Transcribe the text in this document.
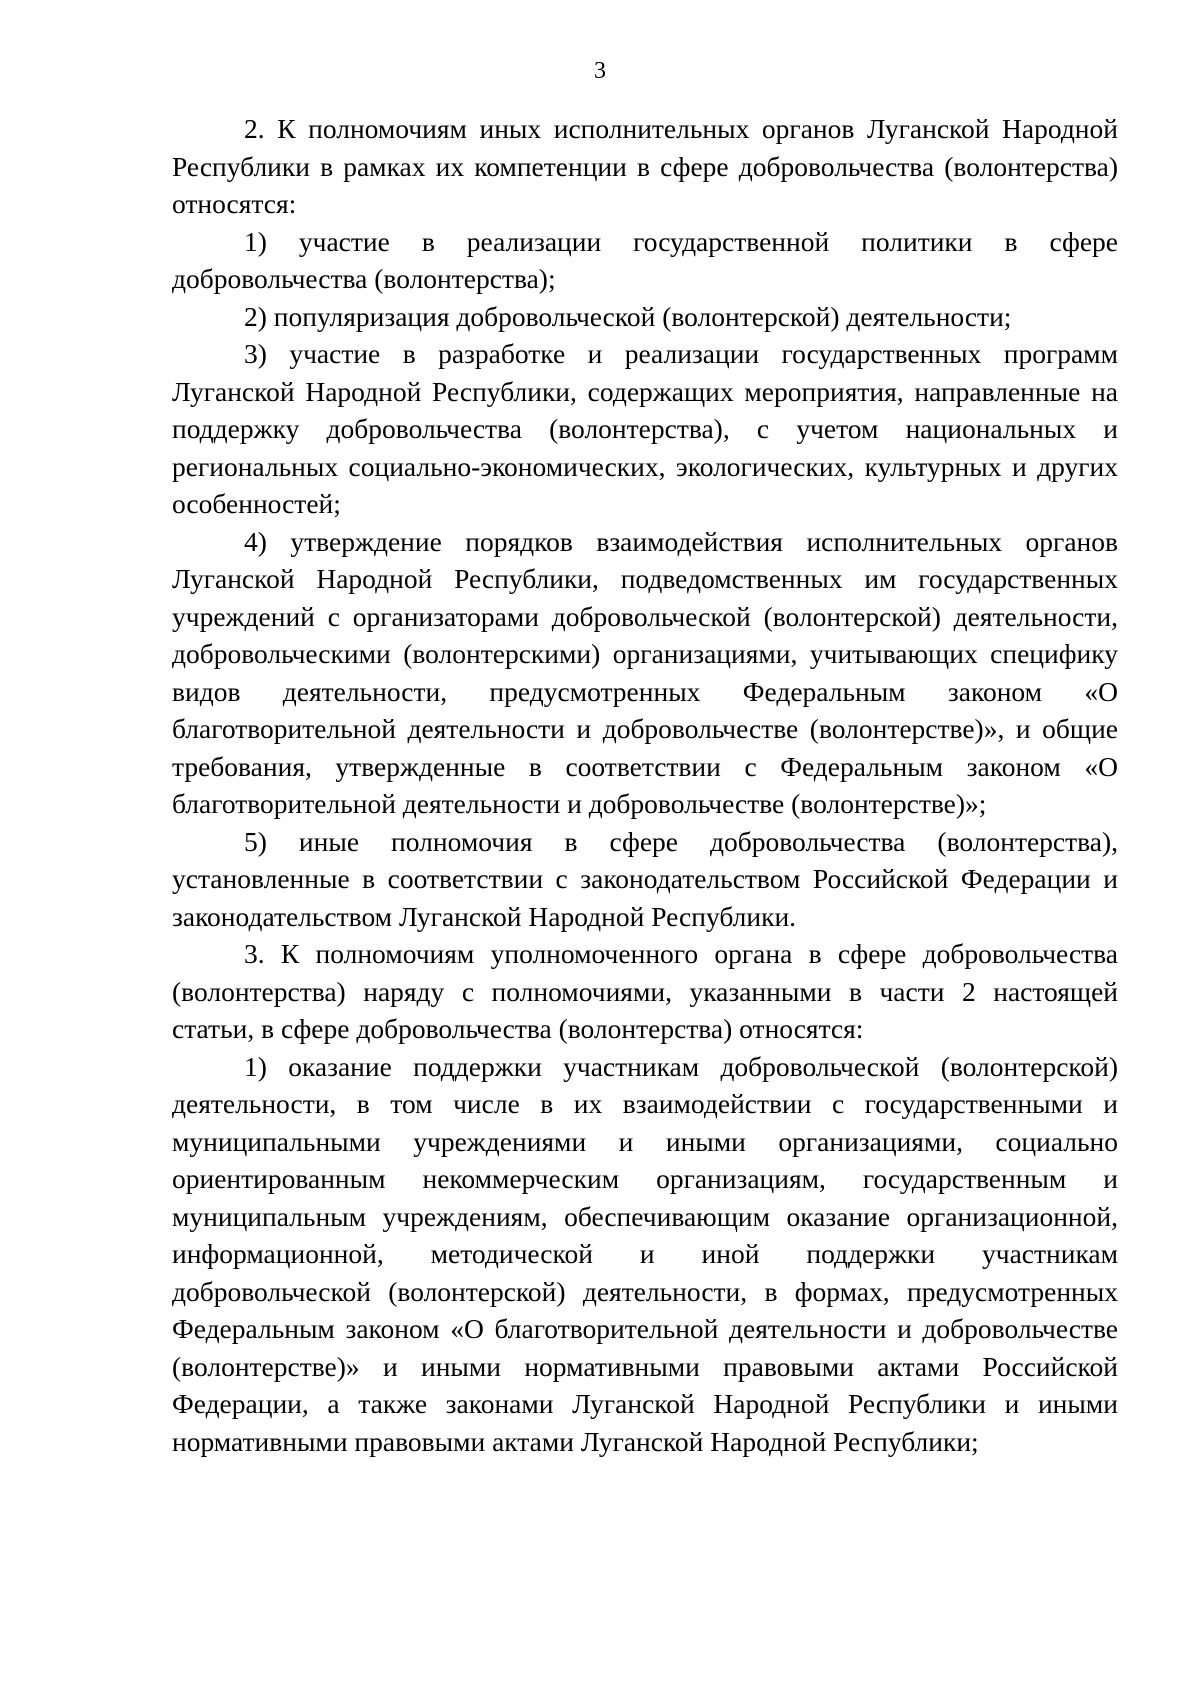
3

2. К полномочиям иных исполнительных органов Луганской Народной Республики в рамках их компетенции в сфере добровольчества (волонтерства) относятся:

1) участие в реализации государственной политики в сфере добровольчества (волонтерства);

2) популяризация добровольческой (волонтерской) деятельности;

3) участие в разработке и реализации государственных программ Луганской Народной Республики, содержащих мероприятия, направленные на поддержку добровольчества (волонтерства), с учетом национальных и региональных социально-экономических, экологических, культурных и других особенностей;

4) утверждение порядков взаимодействия исполнительных органов Луганской Народной Республики, подведомственных им государственных учреждений с организаторами добровольческой (волонтерской) деятельности, добровольческими (волонтерскими) организациями, учитывающих специфику видов деятельности, предусмотренных Федеральным законом «О благотворительной деятельности и добровольчестве (волонтерстве)», и общие требования, утвержденные в соответствии с Федеральным законом «О благотворительной деятельности и добровольчестве (волонтерстве)»;

5) иные полномочия в сфере добровольчества (волонтерства), установленные в соответствии с законодательством Российской Федерации и законодательством Луганской Народной Республики.

3. К полномочиям уполномоченного органа в сфере добровольчества (волонтерства) наряду с полномочиями, указанными в части 2 настоящей статьи, в сфере добровольчества (волонтерства) относятся:

1) оказание поддержки участникам добровольческой (волонтерской) деятельности, в том числе в их взаимодействии с государственными и муниципальными учреждениями и иными организациями, социально ориентированным некоммерческим организациям, государственным и муниципальным учреждениям, обеспечивающим оказание организационной, информационной, методической и иной поддержки участникам добровольческой (волонтерской) деятельности, в формах, предусмотренных Федеральным законом «О благотворительной деятельности и добровольчестве (волонтерстве)» и иными нормативными правовыми актами Российской Федерации, а также законами Луганской Народной Республики и иными нормативными правовыми актами Луганской Народной Республики;
